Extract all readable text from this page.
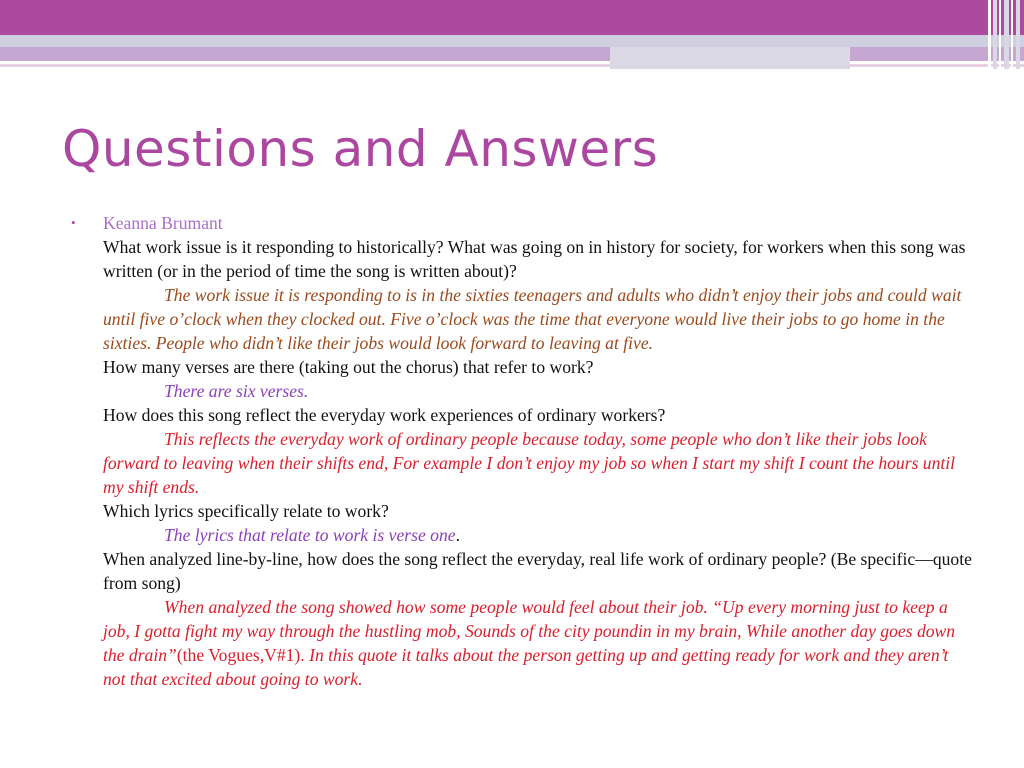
Questions and Answers
• Keanna Brumant

What work issue is it responding to historically? What was going on in history for society, for workers when this song was written (or in the period of time the song is written about)?

The work issue it is responding to is in the sixties teenagers and adults who didn’t enjoy their jobs and could wait until five o’clock when they clocked out. Five o’clock was the time that everyone would live their jobs to go home in the sixties. People who didn’t like their jobs would look forward to leaving at five.

How many verses are there (taking out the chorus) that refer to work?

There are six verses.

How does this song reflect the everyday work experiences of ordinary workers?

This reflects the everyday work of ordinary people because today, some people who don’t like their jobs look forward to leaving when their shifts end, For example I don’t enjoy my job so when I start my shift I count the hours until my shift ends.

Which lyrics specifically relate to work?

The lyrics that relate to work is verse one.

When analyzed line-by-line, how does the song reflect the everyday, real life work of ordinary people? (Be specific—quote from song)

When analyzed the song showed how some people would feel about their job. “Up every morning just to keep a job, I gotta fight my way through the hustling mob, Sounds of the city poundin in my brain, While another day goes down the drain”(the Vogues,V#1). In this quote it talks about the person getting up and getting ready for work and they aren’t not that excited about going to work.
